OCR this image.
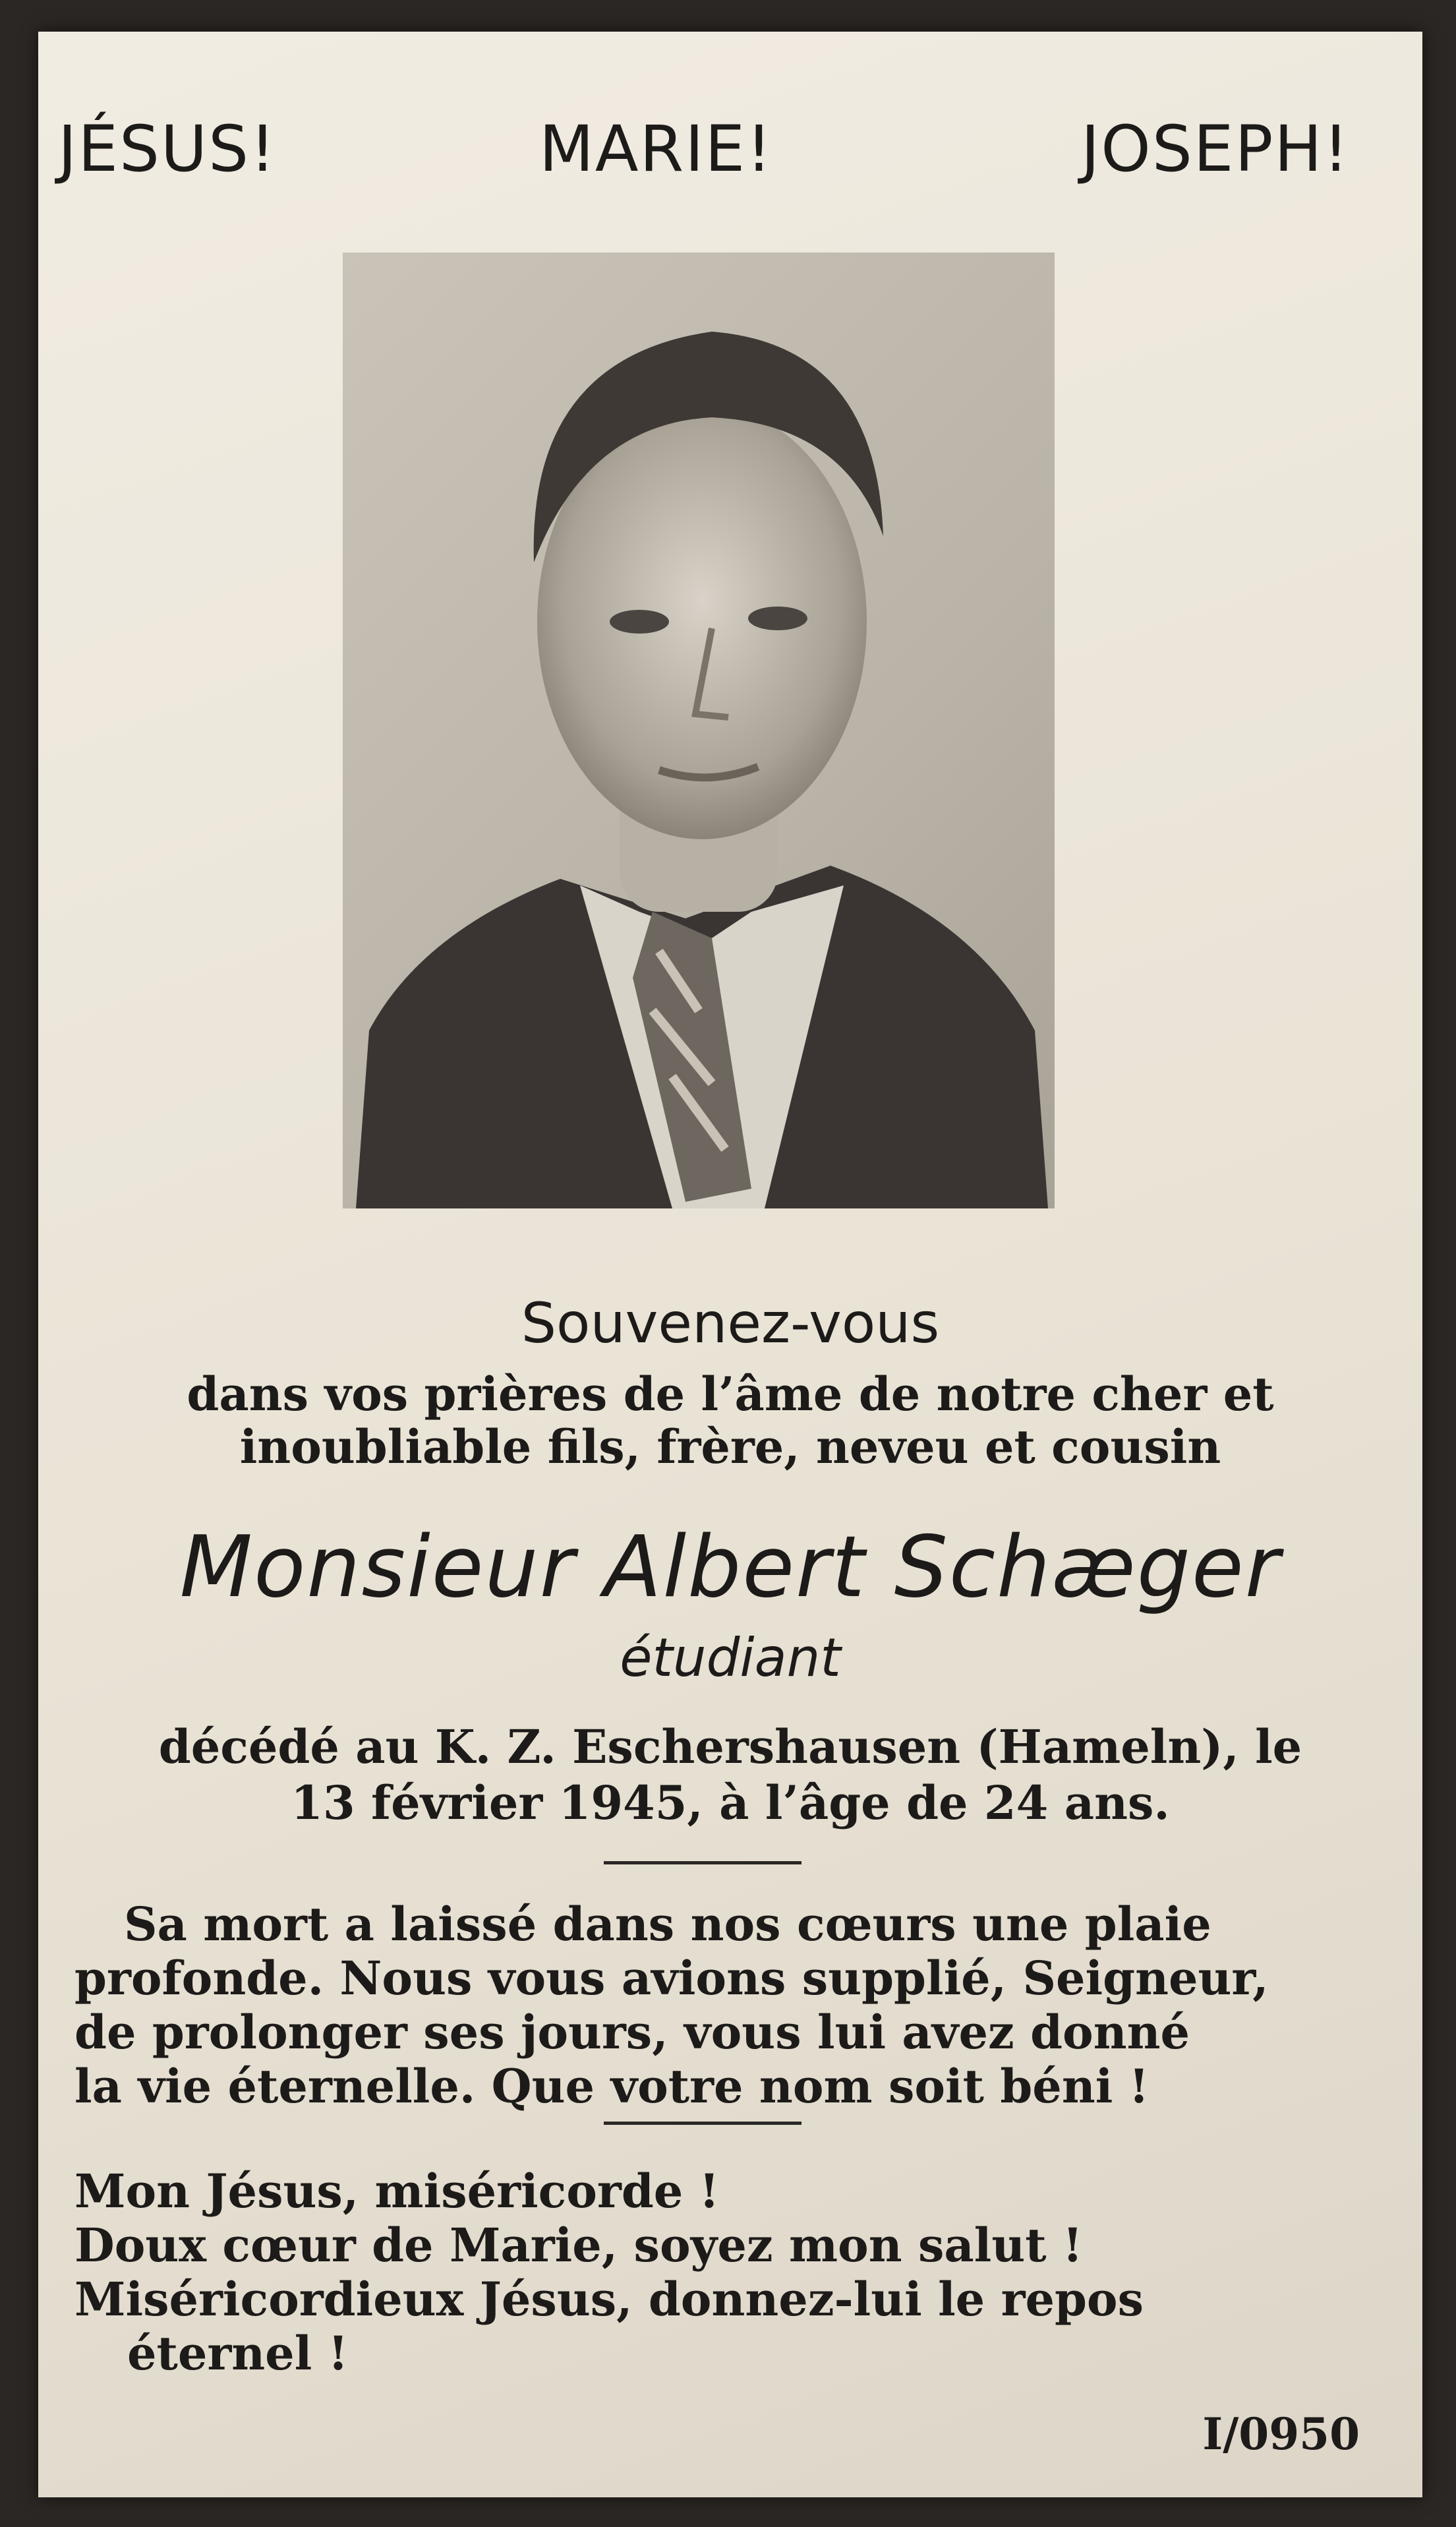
JÉSUS!	MARIE!	JOSEPH!
Souvenez-vous
dans vos prières de l’âme de notre cher et
inoubliable fils, frère, neveu et cousin
Monsieur Albert Schæger
étudiant
décédé au K. Z. Eschershausen (Hameln), le
13 février 1945, à l’âge de 24 ans.
Sa mort a laissé dans nos cœurs une plaie
profonde. Nous vous avions supplié, Seigneur,
de prolonger ses jours, vous lui avez donné
la vie éternelle. Que votre nom soit béni !
Mon Jésus, miséricorde !
Doux cœur de Marie, soyez mon salut !
Miséricordieux Jésus, donnez-lui le repos
éternel !
I/0950
